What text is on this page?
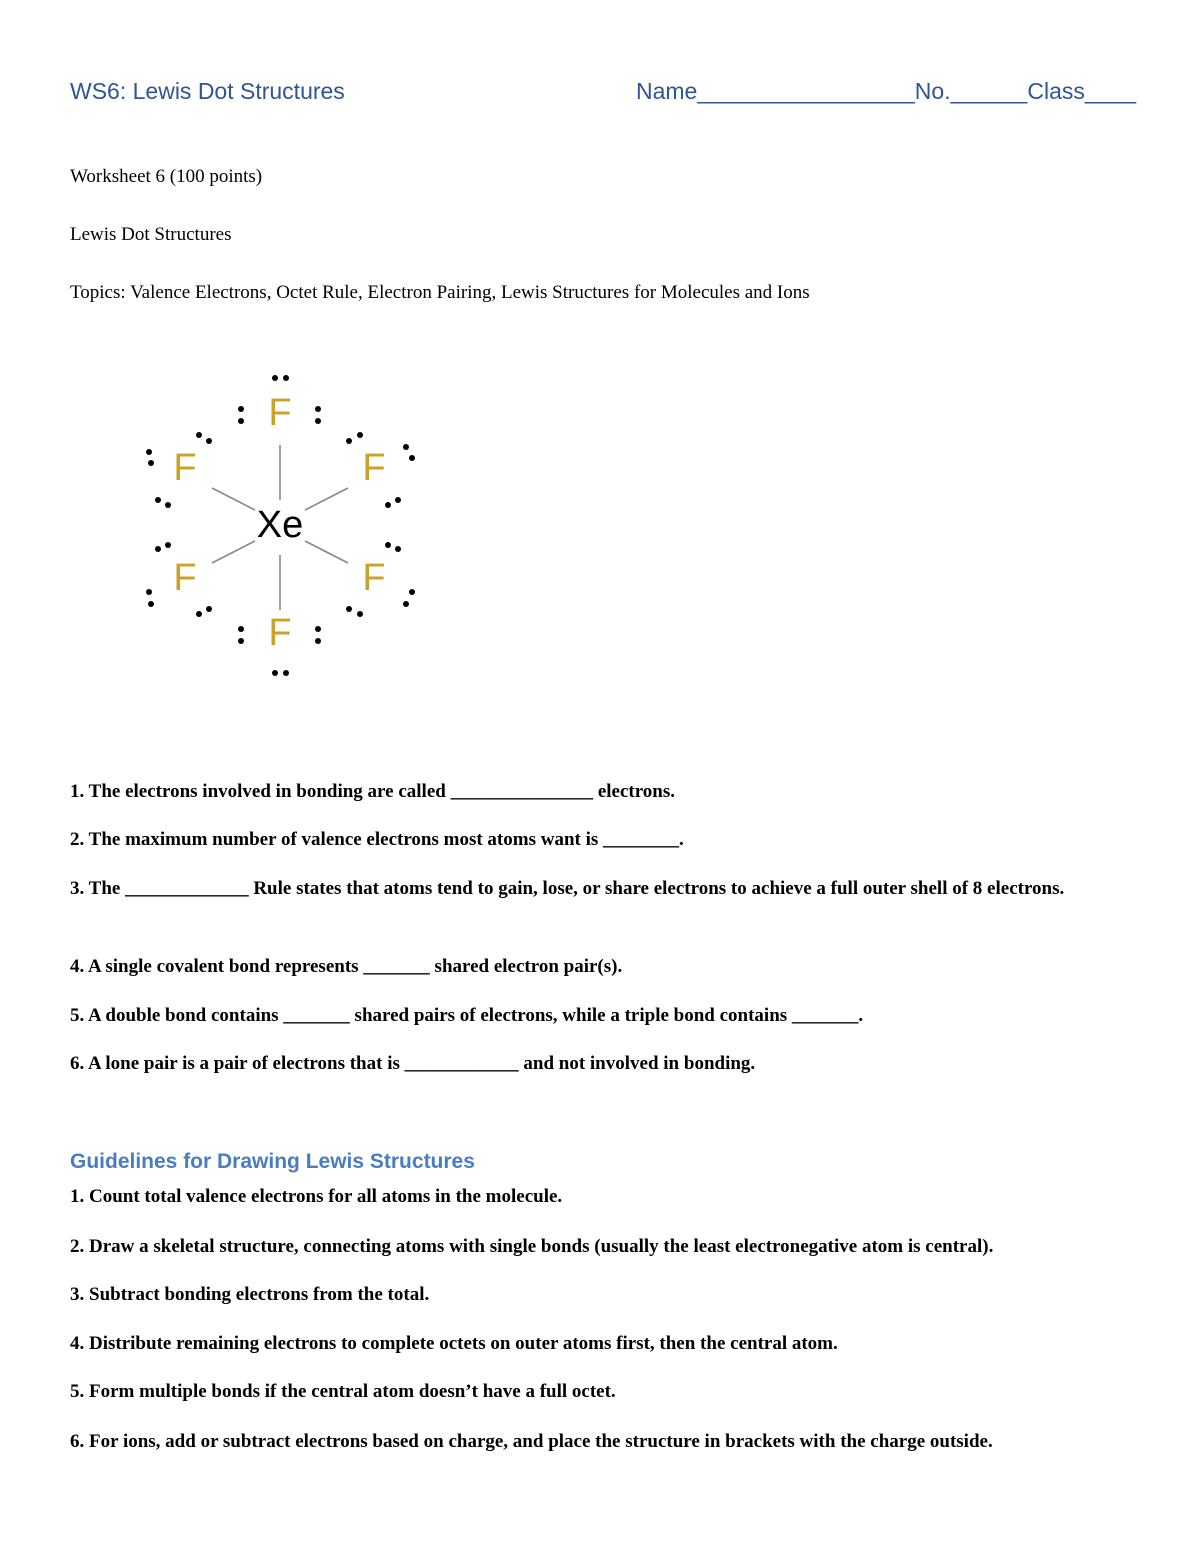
WS6: Lewis Dot Structures	Name_________________No.______Class____
Worksheet 6 (100 points)
Lewis Dot Structures
Topics: Valence Electrons, Octet Rule, Electron Pairing, Lewis Structures for Molecules and Ions
Xe
F
F	F
F	F
F
1. The electrons involved in bonding are called _______________ electrons.
2. The maximum number of valence electrons most atoms want is ________.
3. The _____________ Rule states that atoms tend to gain, lose, or share electrons to achieve a full outer shell of 8 electrons.
4. A single covalent bond represents _______ shared electron pair(s).
5. A double bond contains _______ shared pairs of electrons, while a triple bond contains _______.
6. A lone pair is a pair of electrons that is ____________ and not involved in bonding.
Guidelines for Drawing Lewis Structures
1. Count total valence electrons for all atoms in the molecule.
2. Draw a skeletal structure, connecting atoms with single bonds (usually the least electronegative atom is central).
3. Subtract bonding electrons from the total.
4. Distribute remaining electrons to complete octets on outer atoms first, then the central atom.
5. Form multiple bonds if the central atom doesn’t have a full octet.
6. For ions, add or subtract electrons based on charge, and place the structure in brackets with the charge outside.
